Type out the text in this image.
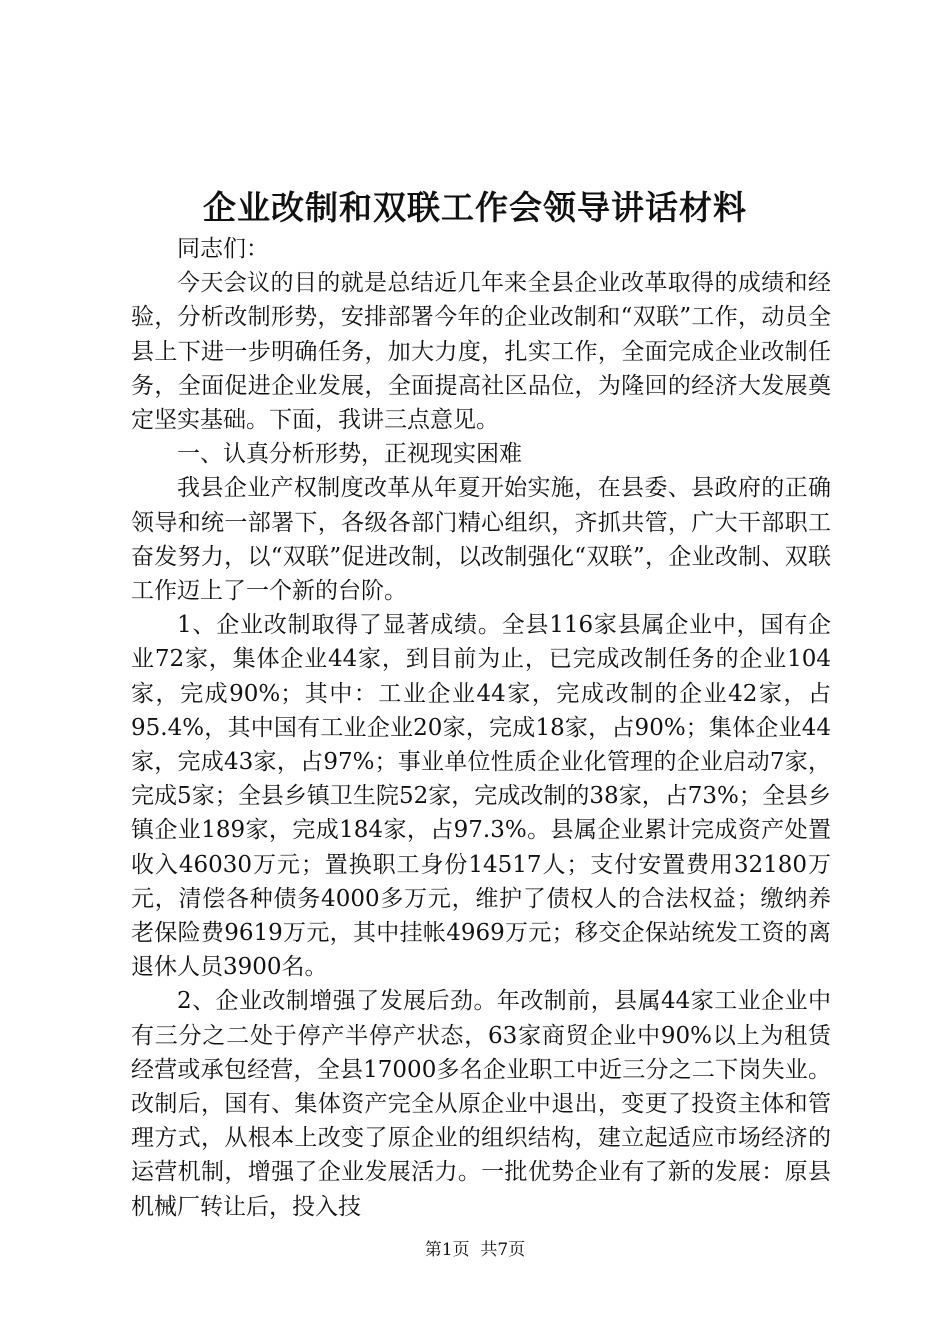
企业改制和双联工作会领导讲话材料

同志们：

今天会议的目的就是总结近几年来全县企业改革取得的成绩和经验，分析改制形势，安排部署今年的企业改制和“双联”工作，动员全县上下进一步明确任务，加大力度，扎实工作，全面完成企业改制任务，全面促进企业发展，全面提高社区品位，为隆回的经济大发展奠定坚实基础。下面，我讲三点意见。

一、认真分析形势，正视现实困难

我县企业产权制度改革从年夏开始实施，在县委、县政府的正确领导和统一部署下，各级各部门精心组织，齐抓共管，广大干部职工奋发努力，以“双联”促进改制，以改制强化“双联”，企业改制、双联工作迈上了一个新的台阶。

1、企业改制取得了显著成绩。全县116家县属企业中，国有企业72家，集体企业44家，到目前为止，已完成改制任务的企业104家，完成90%；其中：工业企业44家，完成改制的企业42家，占95.4%，其中国有工业企业20家，完成18家，占90%；集体企业44家，完成43家，占97%；事业单位性质企业化管理的企业启动7家，完成5家；全县乡镇卫生院52家，完成改制的38家，占73%；全县乡镇企业189家，完成184家，占97.3%。县属企业累计完成资产处置收入46030万元；置换职工身份14517人；支付安置费用32180万元，清偿各种债务4000多万元，维护了债权人的合法权益；缴纳养老保险费9619万元，其中挂帐4969万元；移交企保站统发工资的离退休人员3900名。

2、企业改制增强了发展后劲。年改制前，县属44家工业企业中有三分之二处于停产半停产状态，63家商贸企业中90%以上为租赁经营或承包经营，全县17000多名企业职工中近三分之二下岗失业。改制后，国有、集体资产完全从原企业中退出，变更了投资主体和管理方式，从根本上改变了原企业的组织结构，建立起适应市场经济的运营机制，增强了企业发展活力。一批优势企业有了新的发展：原县机械厂转让后，投入技

第1页  共7页
